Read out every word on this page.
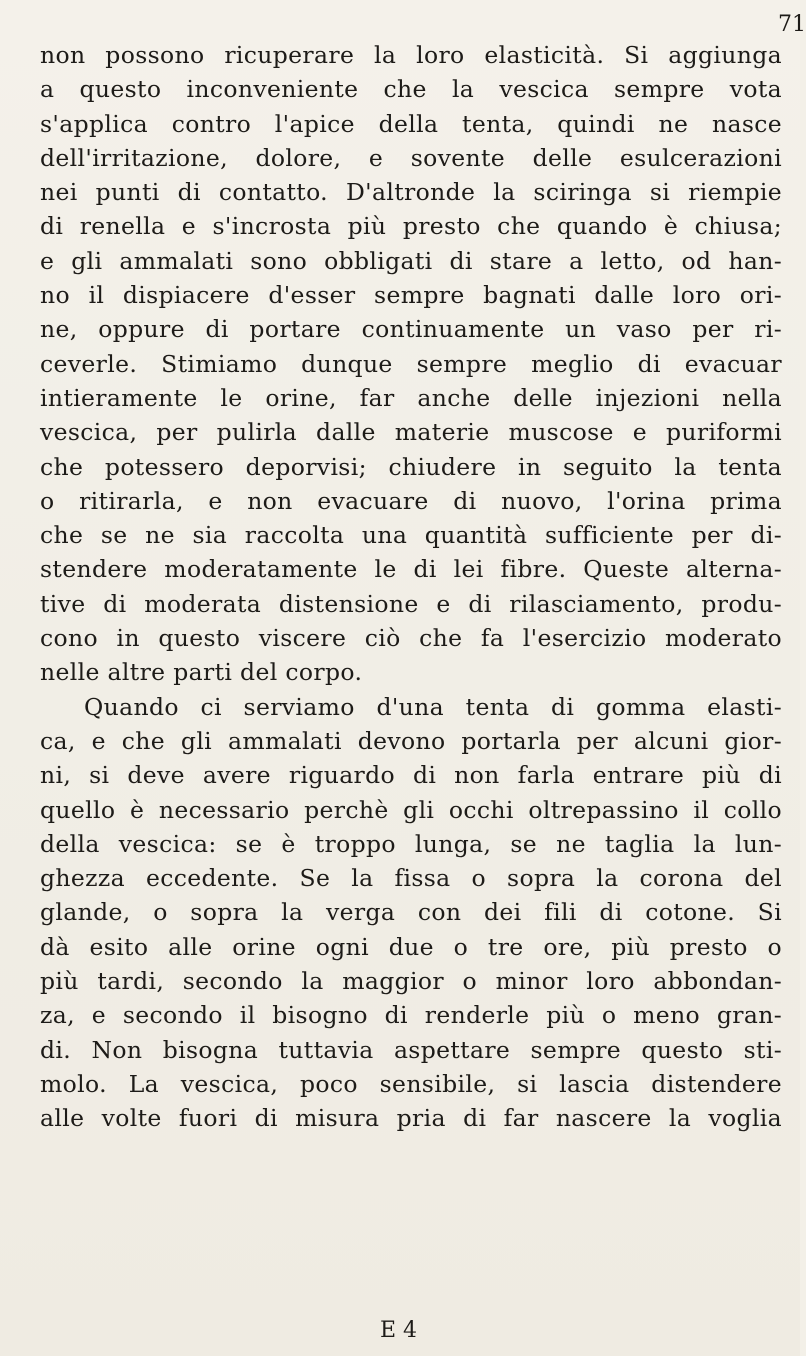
71

non possono ricuperare la loro elasticità. Si aggiunga
a questo inconveniente che la vescica sempre vota
s'applica contro l'apice della tenta, quindi ne nasce
dell'irritazione, dolore, e sovente delle esulcerazioni
nei punti di contatto. D'altronde la sciringa si riempie
di renella e s'incrosta più presto che quando è chiusa;
e gli ammalati sono obbligati di stare a letto, od han-
no il dispiacere d'esser sempre bagnati dalle loro ori-
ne, oppure di portare continuamente un vaso per ri-
ceverle. Stimiamo dunque sempre meglio di evacuar
intieramente le orine, far anche delle injezioni nella
vescica, per pulirla dalle materie muscose e puriformi
che potessero deporvisi; chiudere in seguito la tenta
o ritirarla, e non evacuare di nuovo, l'orina prima
che se ne sia raccolta una quantità sufficiente per di-
stendere moderatamente le di lei fibre. Queste alterna-
tive di moderata distensione e di rilasciamento, produ-
cono in questo viscere ciò che fa l'esercizio moderato
nelle altre parti del corpo.

Quando ci serviamo d'una tenta di gomma elasti-
ca, e che gli ammalati devono portarla per alcuni gior-
ni, si deve avere riguardo di non farla entrare più di
quello è necessario perchè gli occhi oltrepassino il collo
della vescica: se è troppo lunga, se ne taglia la lun-
ghezza eccedente. Se la fissa o sopra la corona del
glande, o sopra la verga con dei fili di cotone. Si
dà esito alle orine ogni due o tre ore, più presto o
più tardi, secondo la maggior o minor loro abbondan-
za, e secondo il bisogno di renderle più o meno gran-
di. Non bisogna tuttavia aspettare sempre questo sti-
molo. La vescica, poco sensibile, si lascia distendere
alle volte fuori di misura pria di far nascere la voglia

E 4
